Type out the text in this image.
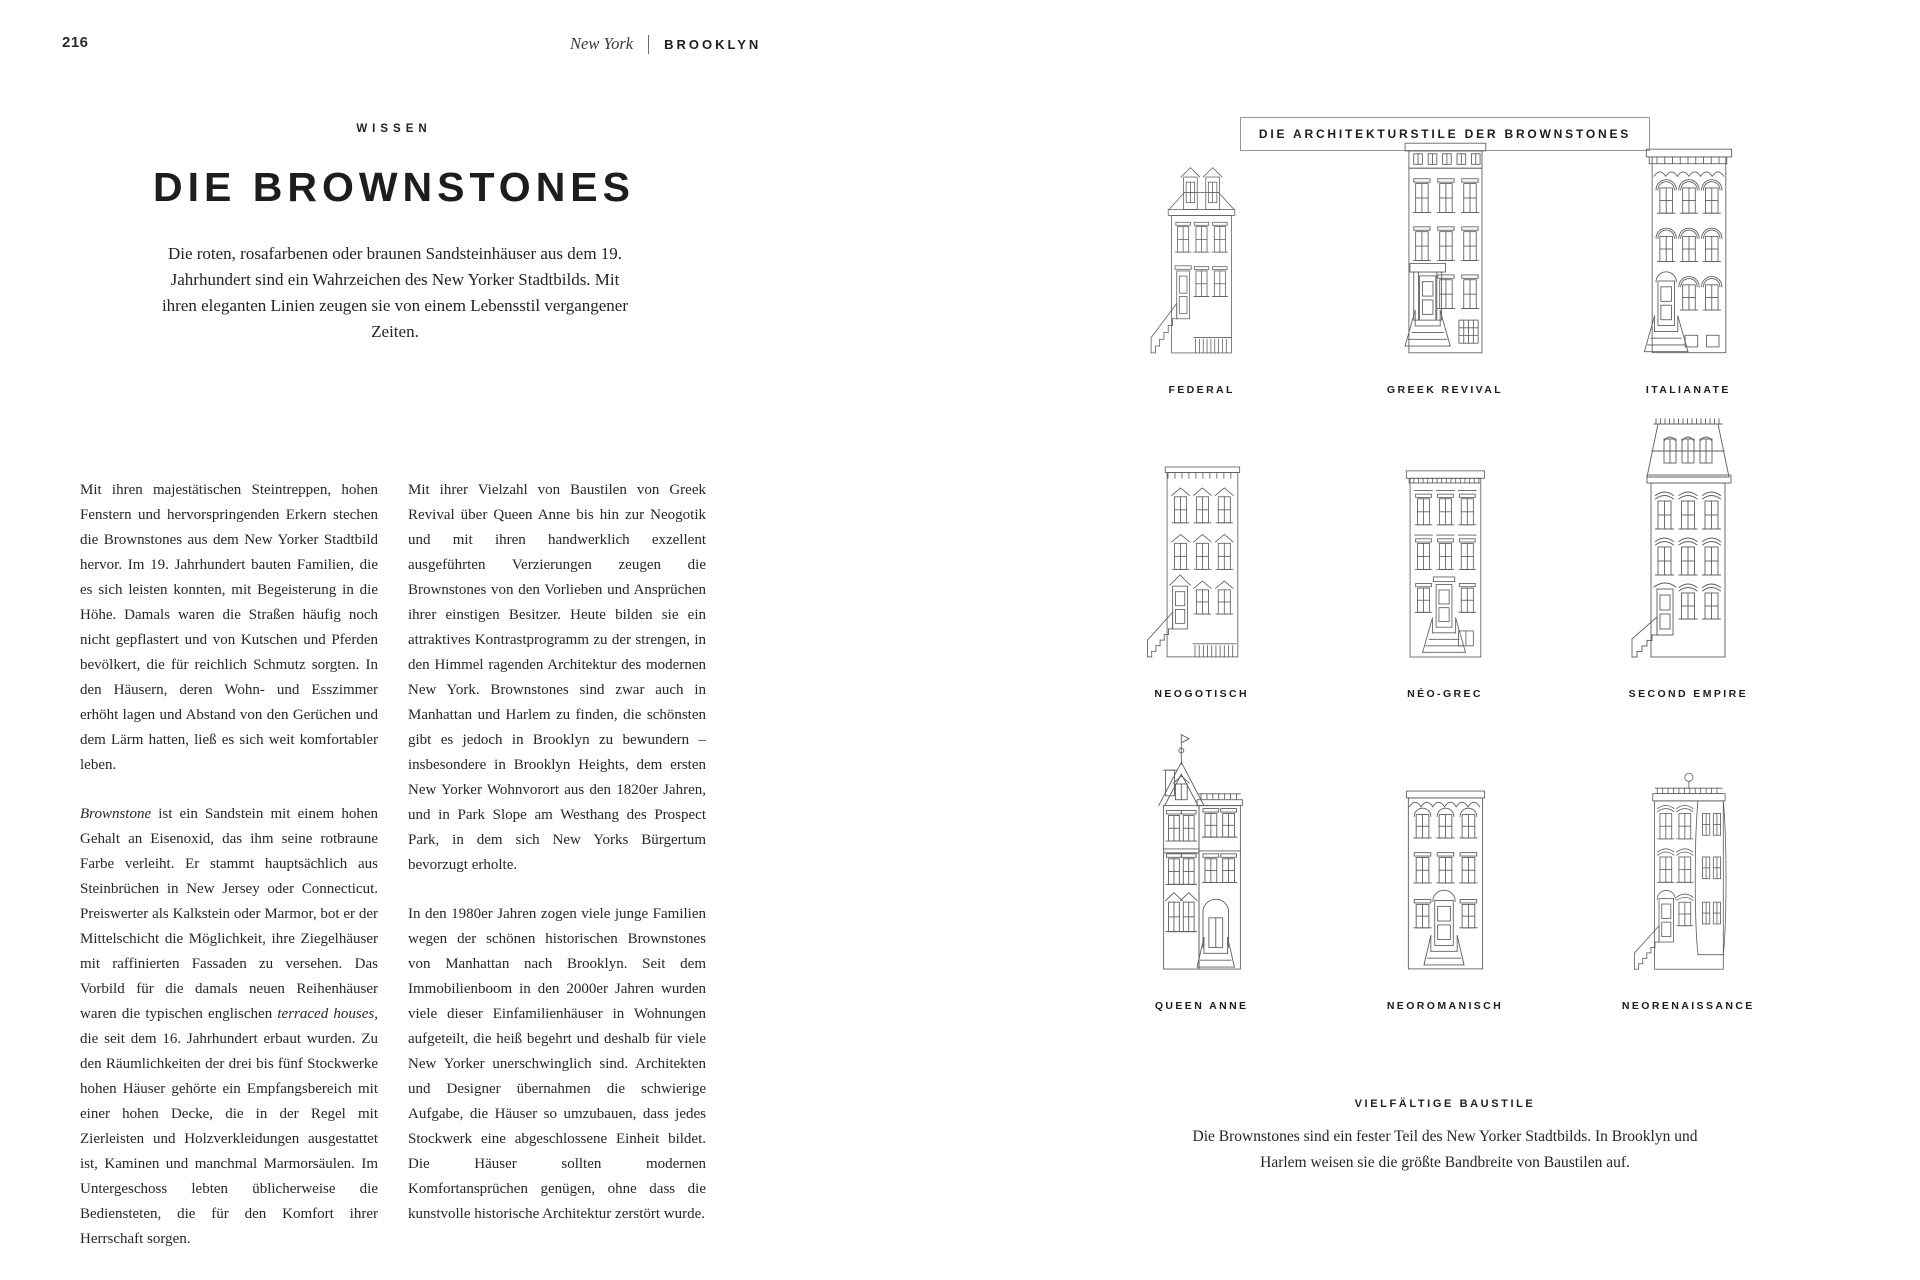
216	New York BROOKLYN
WISSEN
DIE BROWNSTONES
Die roten, rosafarbenen oder braunen Sandsteinhäuser aus dem 19. Jahrhundert sind ein Wahrzeichen des New Yorker Stadtbilds. Mit ihren eleganten Linien zeugen sie von einem Lebensstil vergangener Zeiten.

Mit ihren majestätischen Steintreppen, hohen Fenstern und hervorspringenden Erkern stechen die Brownstones aus dem New Yorker Stadtbild hervor. Im 19. Jahrhundert bauten Familien, die es sich leisten konnten, mit Begeisterung in die Höhe. Damals waren die Straßen häufig noch nicht gepflastert und von Kutschen und Pferden bevölkert, die für reichlich Schmutz sorgten. In den Häusern, deren Wohn- und Esszimmer erhöht lagen und Abstand von den Gerüchen und dem Lärm hatten, ließ es sich weit komfortabler leben.

Brownstone ist ein Sandstein mit einem hohen Gehalt an Eisenoxid, das ihm seine rotbraune Farbe verleiht. Er stammt hauptsächlich aus Steinbrüchen in New Jersey oder Connecticut. Preiswerter als Kalkstein oder Marmor, bot er der Mittelschicht die Möglichkeit, ihre Ziegelhäuser mit raffinierten Fassaden zu versehen. Das Vorbild für die damals neuen Reihenhäuser waren die typischen englischen terraced houses, die seit dem 16. Jahrhundert erbaut wurden. Zu den Räumlichkeiten der drei bis fünf Stockwerke hohen Häuser gehörte ein Empfangsbereich mit einer hohen Decke, die in der Regel mit Zierleisten und Holzverkleidungen ausgestattet ist, Kaminen und manchmal Marmorsäulen. Im Untergeschoss lebten üblicherweise die Bediensteten, die für den Komfort ihrer Herrschaft sorgen.

Mit ihrer Vielzahl von Baustilen von Greek Revival über Queen Anne bis hin zur Neogotik und mit ihren handwerklich exzellent ausgeführten Verzierungen zeugen die Brownstones von den Vorlieben und Ansprüchen ihrer einstigen Besitzer. Heute bilden sie ein attraktives Kontrastprogramm zu der strengen, in den Himmel ragenden Architektur des modernen New York. Brownstones sind zwar auch in Manhattan und Harlem zu finden, die schönsten gibt es jedoch in Brooklyn zu bewundern – insbesondere in Brooklyn Heights, dem ersten New Yorker Wohnvorort aus den 1820er Jahren, und in Park Slope am Westhang des Prospect Park, in dem sich New Yorks Bürgertum bevorzugt erholte.

In den 1980er Jahren zogen viele junge Familien wegen der schönen historischen Brownstones von Manhattan nach Brooklyn. Seit dem Immobilienboom in den 2000er Jahren wurden viele dieser Einfamilienhäuser in Wohnungen aufgeteilt, die heiß begehrt und deshalb für viele New Yorker unerschwinglich sind. Architekten und Designer übernahmen die schwierige Aufgabe, die Häuser so umzubauen, dass jedes Stockwerk eine abgeschlossene Einheit bildet. Die Häuser sollten modernen Komfortansprüchen genügen, ohne dass die kunstvolle historische Architektur zerstört wurde.

DIE ARCHITEKTURSTILE DER BROWNSTONES
FEDERAL	GREEK REVIVAL	ITALIANATE
NEOGOTISCH	NÉO-GREC	SECOND EMPIRE
QUEEN ANNE	NEOROMANISCH	NEORENAISSANCE
VIELFÄLTIGE BAUSTILE
Die Brownstones sind ein fester Teil des New Yorker Stadtbilds. In Brooklyn und Harlem weisen sie die größte Bandbreite von Baustilen auf.
